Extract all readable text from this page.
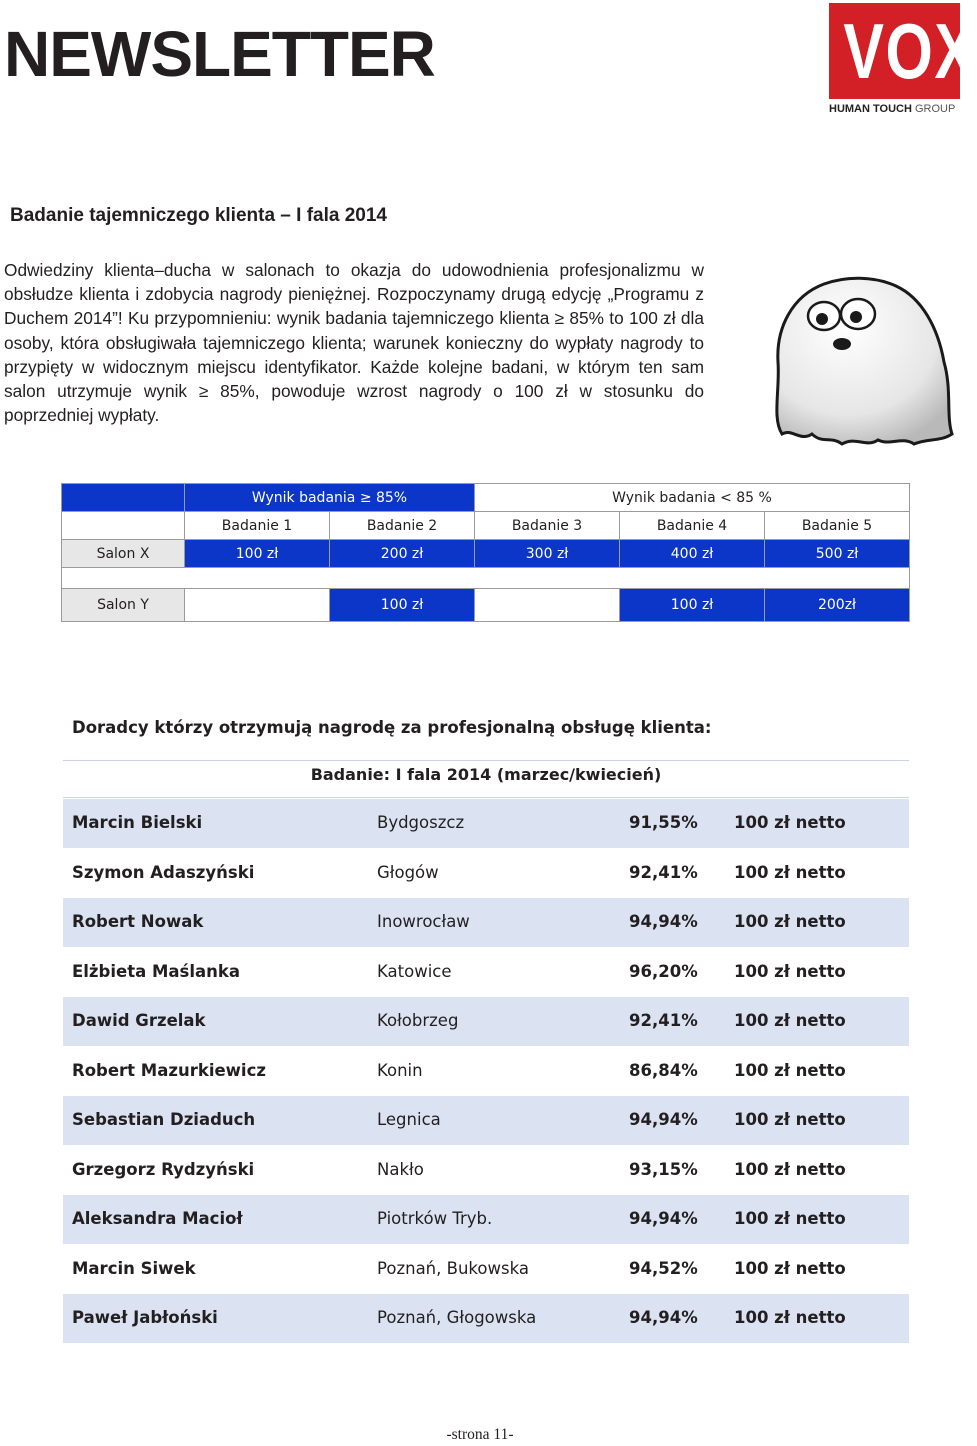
NEWSLETTER	VOX
HUMAN TOUCH GROUP
Badanie tajemniczego klienta – I fala 2014

Odwiedziny klienta–ducha w salonach to okazja do udowodnienia profesjonalizmu w obsłudze klienta i zdobycia nagrody pieniężnej. Rozpoczynamy drugą edycję „Programu z Duchem 2014”! Ku przypomnieniu: wynik badania tajemniczego klienta ≥ 85% to 100 zł dla osoby, która obsługiwała tajemniczego klienta; warunek konieczny do wypłaty nagrody to przypięty w widocznym miejscu identyfikator. Każde kolejne badani, w którym ten sam salon utrzymuje wynik ≥ 85%, powoduje wzrost nagrody o 100 zł w stosunku do poprzedniej wypłaty.

	Wynik badania ≥ 85%		Wynik badania < 85 %		
	Badanie 1	Badanie 2	Badanie 3	Badanie 4	Badanie 5
Salon X	100 zł	200 zł	300 zł	400 zł	500 zł

Salon Y		100 zł		100 zł	200zł
Doradcy którzy otrzymują nagrodę za profesjonalną obsługę klienta:
Badanie: I fala 2014 (marzec/kwiecień)
Marcin Bielski	Bydgoszcz	91,55% 100 zł netto
Szymon Adaszyński	Głogów	92,41% 100 zł netto
Robert Nowak	Inowrocław	94,94% 100 zł netto
Elżbieta Maślanka	Katowice	96,20% 100 zł netto
Dawid Grzelak	Kołobrzeg	92,41% 100 zł netto
Robert Mazurkiewicz	Konin	86,84% 100 zł netto
Sebastian Dziaduch	Legnica	94,94% 100 zł netto
Grzegorz Rydzyński	Nakło	93,15% 100 zł netto
Aleksandra Macioł	Piotrków Tryb.	94,94% 100 zł netto
Marcin Siwek	Poznań, Bukowska	94,52% 100 zł netto
Paweł Jabłoński	Poznań, Głogowska	94,94% 100 zł netto
-strona 11-
